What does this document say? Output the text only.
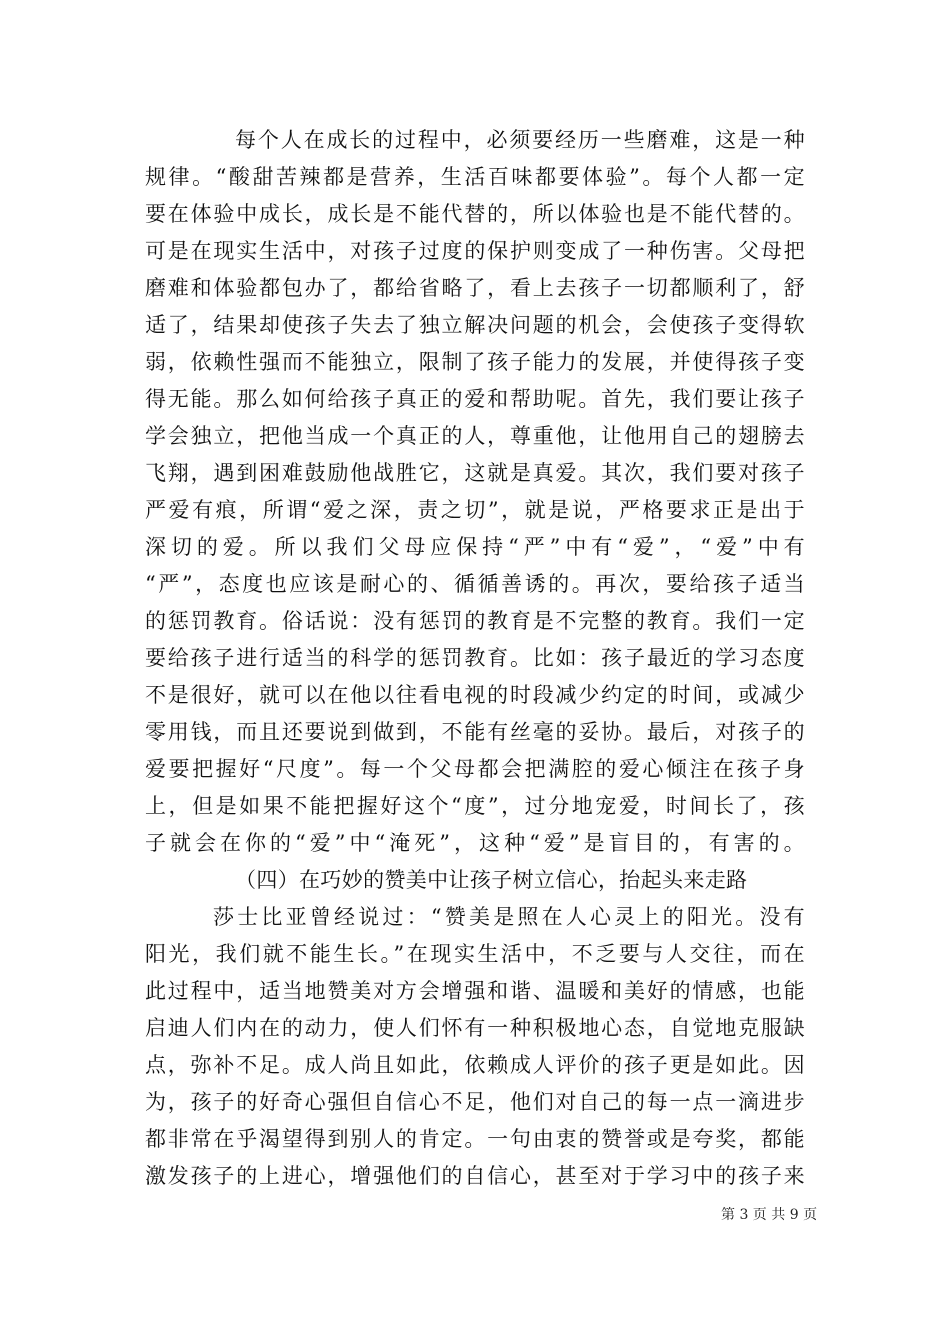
每个人在成长的过程中，必须要经历一些磨难，这是一种
规律。“酸甜苦辣都是营养，生活百味都要体验”。每个人都一定
要在体验中成长，成长是不能代替的，所以体验也是不能代替的。
可是在现实生活中，对孩子过度的保护则变成了一种伤害。父母把
磨难和体验都包办了，都给省略了，看上去孩子一切都顺利了，舒
适了，结果却使孩子失去了独立解决问题的机会，会使孩子变得软
弱，依赖性强而不能独立，限制了孩子能力的发展，并使得孩子变
得无能。那么如何给孩子真正的爱和帮助呢。首先，我们要让孩子
学会独立，把他当成一个真正的人，尊重他，让他用自己的翅膀去
飞翔，遇到困难鼓励他战胜它，这就是真爱。其次，我们要对孩子
严爱有痕，所谓“爱之深，责之切”，就是说，严格要求正是出于
深切的爱。所以我们父母应保持“严”中有“爱”，“爱”中有
“严”，态度也应该是耐心的、循循善诱的。再次，要给孩子适当
的惩罚教育。俗话说：没有惩罚的教育是不完整的教育。我们一定
要给孩子进行适当的科学的惩罚教育。比如：孩子最近的学习态度
不是很好，就可以在他以往看电视的时段减少约定的时间，或减少
零用钱，而且还要说到做到，不能有丝毫的妥协。最后，对孩子的
爱要把握好“尺度”。每一个父母都会把满腔的爱心倾注在孩子身
上，但是如果不能把握好这个“度”，过分地宠爱，时间长了，孩
子就会在你的“爱”中“淹死”，这种“爱”是盲目的，有害的。
（四）在巧妙的赞美中让孩子树立信心，抬起头来走路
莎士比亚曾经说过：“赞美是照在人心灵上的阳光。没有
阳光，我们就不能生长。”在现实生活中，不乏要与人交往，而在
此过程中，适当地赞美对方会增强和谐、温暖和美好的情感，也能
启迪人们内在的动力，使人们怀有一种积极地心态，自觉地克服缺
点，弥补不足。成人尚且如此，依赖成人评价的孩子更是如此。因
为，孩子的好奇心强但自信心不足，他们对自己的每一点一滴进步
都非常在乎渴望得到别人的肯定。一句由衷的赞誉或是夸奖，都能
激发孩子的上进心，增强他们的自信心，甚至对于学习中的孩子来
第 3 页 共 9 页
